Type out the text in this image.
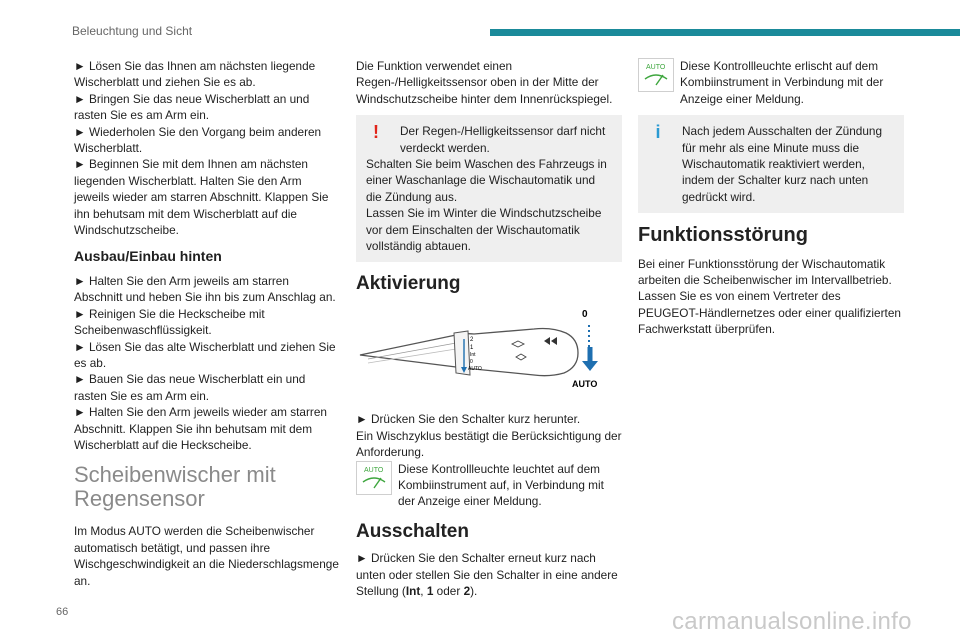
Beleuchtung und Sicht

► Lösen Sie das Ihnen am nächsten liegende Wischerblatt und ziehen Sie es ab.

► Bringen Sie das neue Wischerblatt an und rasten Sie es am Arm ein.

► Wiederholen Sie den Vorgang beim anderen Wischerblatt.

► Beginnen Sie mit dem Ihnen am nächsten liegenden Wischerblatt. Halten Sie den Arm jeweils wieder am starren Abschnitt. Klappen Sie ihn behutsam mit dem Wischerblatt auf die Windschutzscheibe.

Ausbau/Einbau hinten

► Halten Sie den Arm jeweils am starren Abschnitt und heben Sie ihn bis zum Anschlag an.

► Reinigen Sie die Heckscheibe mit Scheibenwaschflüssigkeit.

► Lösen Sie das alte Wischerblatt und ziehen Sie es ab.

► Bauen Sie das neue Wischerblatt ein und rasten Sie es am Arm ein.

► Halten Sie den Arm jeweils wieder am starren Abschnitt. Klappen Sie ihn behutsam mit dem Wischerblatt auf die Heckscheibe.

Scheibenwischer mit Regensensor

Im Modus AUTO werden die Scheibenwischer automatisch betätigt, und passen ihre Wischgeschwindigkeit an die Niederschlagsmenge an.

Die Funktion verwendet einen Regen-/Helligkeitssensor oben in der Mitte der Windschutzscheibe hinter dem Innenrückspiegel.

!	Der Regen-/Helligkeitssensor darf nicht verdeckt werden.

Schalten Sie beim Waschen des Fahrzeugs in einer Waschanlage die Wischautomatik und die Zündung aus.

Lassen Sie im Winter die Windschutzscheibe vor dem Einschalten der Wischautomatik vollständig abtauen.

Aktivierung
2
1
Int
0
AUTO
0
AUTO

► Drücken Sie den Schalter kurz herunter.

Ein Wischzyklus bestätigt die Berücksichtigung der Anforderung.

AUTO	Diese Kontrollleuchte leuchtet auf dem Kombiinstrument auf, in Verbindung mit der Anzeige einer Meldung.

Ausschalten

► Drücken Sie den Schalter erneut kurz nach unten oder stellen Sie den Schalter in eine andere Stellung (Int, 1 oder 2).

AUTO	Diese Kontrollleuchte erlischt auf dem Kombiinstrument in Verbindung mit der Anzeige einer Meldung.

i	Nach jedem Ausschalten der Zündung für mehr als eine Minute muss die Wischautomatik reaktiviert werden, indem der Schalter kurz nach unten gedrückt wird.

Funktionsstörung

Bei einer Funktionsstörung der Wischautomatik arbeiten die Scheibenwischer im Intervallbetrieb. Lassen Sie es von einem Vertreter des PEUGEOT-Händlernetzes oder einer qualifizierten Fachwerkstatt überprüfen.

66	carmanualsonline.info
